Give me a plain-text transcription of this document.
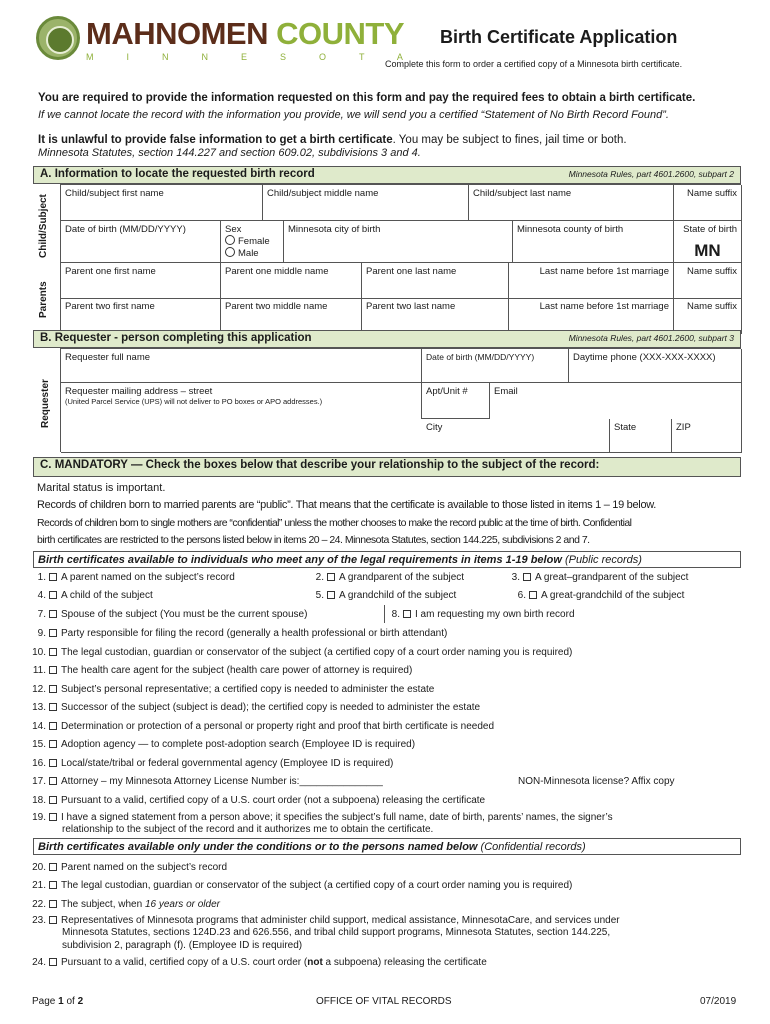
MAHNOMEN COUNTY
MINNESOTA
Birth Certificate Application
Complete this form to order a certified copy of a Minnesota birth certificate.
You are required to provide the information requested on this form and pay the required fees to obtain a birth certificate.
If we cannot locate the record with the information you provide, we will send you a certified “Statement of No Birth Record Found”.
It is unlawful to provide false information to get a birth certificate. You may be subject to fines, jail time or both.
Minnesota Statutes, section 144.227 and section 609.02, subdivisions 3 and 4.
A. Information to locate the requested birth record	Minnesota Rules, part 4601.2600, subpart 2
Child/Subject
Parents
Child/subject first name	Child/subject middle name	Child/subject last name	Name suffix
Date of birth (MM/DD/YYYY)	Sex
Female
Male
Minnesota city of birth	Minnesota county of birth	State of birth
MN
Parent one first name	Parent one middle name	Parent one last name	Last name before 1st marriage	Name suffix
Parent two first name	Parent two middle name	Parent two last name	Last name before 1st marriage	Name suffix
B. Requester - person completing this application	Minnesota Rules, part 4601.2600, subpart 3
Requester
Requester full name	Date of birth (MM/DD/YYYY)	Daytime phone (XXX-XXX-XXXX)
Requester mailing address – street
(United Parcel Service (UPS) will not deliver to PO boxes or APO addresses.)
Apt/Unit #	Email
City	State	ZIP
C. MANDATORY — Check the boxes below that describe your relationship to the subject of the record:
Marital status is important.
Records of children born to married parents are “public”. That means that the certificate is available to those listed in items 1 – 19 below.
Records of children born to single mothers are “confidential” unless the mother chooses to make the record public at the time of birth. Confidential
birth certificates are restricted to the persons listed below in items 20 – 24. Minnesota Statutes, section 144.225, subdivisions 2 and 7.
Birth certificates available to individuals who meet any of the legal requirements in items 1-19 below (Public records)
1. A parent named on the subject’s record	2. A grandparent of the subject	3. A great–grandparent of the subject
4. A child of the subject	5. A grandchild of the subject	6. A great-grandchild of the subject
7. Spouse of the subject (You must be the current spouse)	8. I am requesting my own birth record
9. Party responsible for filing the record (generally a health professional or birth attendant)
10. The legal custodian, guardian or conservator of the subject (a certified copy of a court order naming you is required)
11. The health care agent for the subject (health care power of attorney is required)
12. Subject’s personal representative; a certified copy is needed to administer the estate
13. Successor of the subject (subject is dead); the certified copy is needed to administer the estate
14. Determination or protection of a personal or property right and proof that birth certificate is needed
15. Adoption agency — to complete post-adoption search (Employee ID is required)
16. Local/state/tribal or federal governmental agency (Employee ID is required)
17. Attorney – my Minnesota Attorney License Number is:_______________	NON-Minnesota license? Affix copy
18. Pursuant to a valid, certified copy of a U.S. court order (not a subpoena) releasing the certificate
19. I have a signed statement from a person above; it specifies the subject’s full name, date of birth, parents’ names, the signer’s
relationship to the subject of the record and it authorizes me to obtain the certificate.
Birth certificates available only under the conditions or to the persons named below (Confidential records)
20. Parent named on the subject’s record
21. The legal custodian, guardian or conservator of the subject (a certified copy of a court order naming you is required)
22. The subject, when 16 years or older
23. Representatives of Minnesota programs that administer child support, medical assistance, MinnesotaCare, and services under
Minnesota Statutes, sections 124D.23 and 626.556, and tribal child support programs, Minnesota Statutes, section 144.225,
subdivision 2, paragraph (f). (Employee ID is required)
24. Pursuant to a valid, certified copy of a U.S. court order (not a subpoena) releasing the certificate
Page 1 of 2	OFFICE OF VITAL RECORDS	07/2019
